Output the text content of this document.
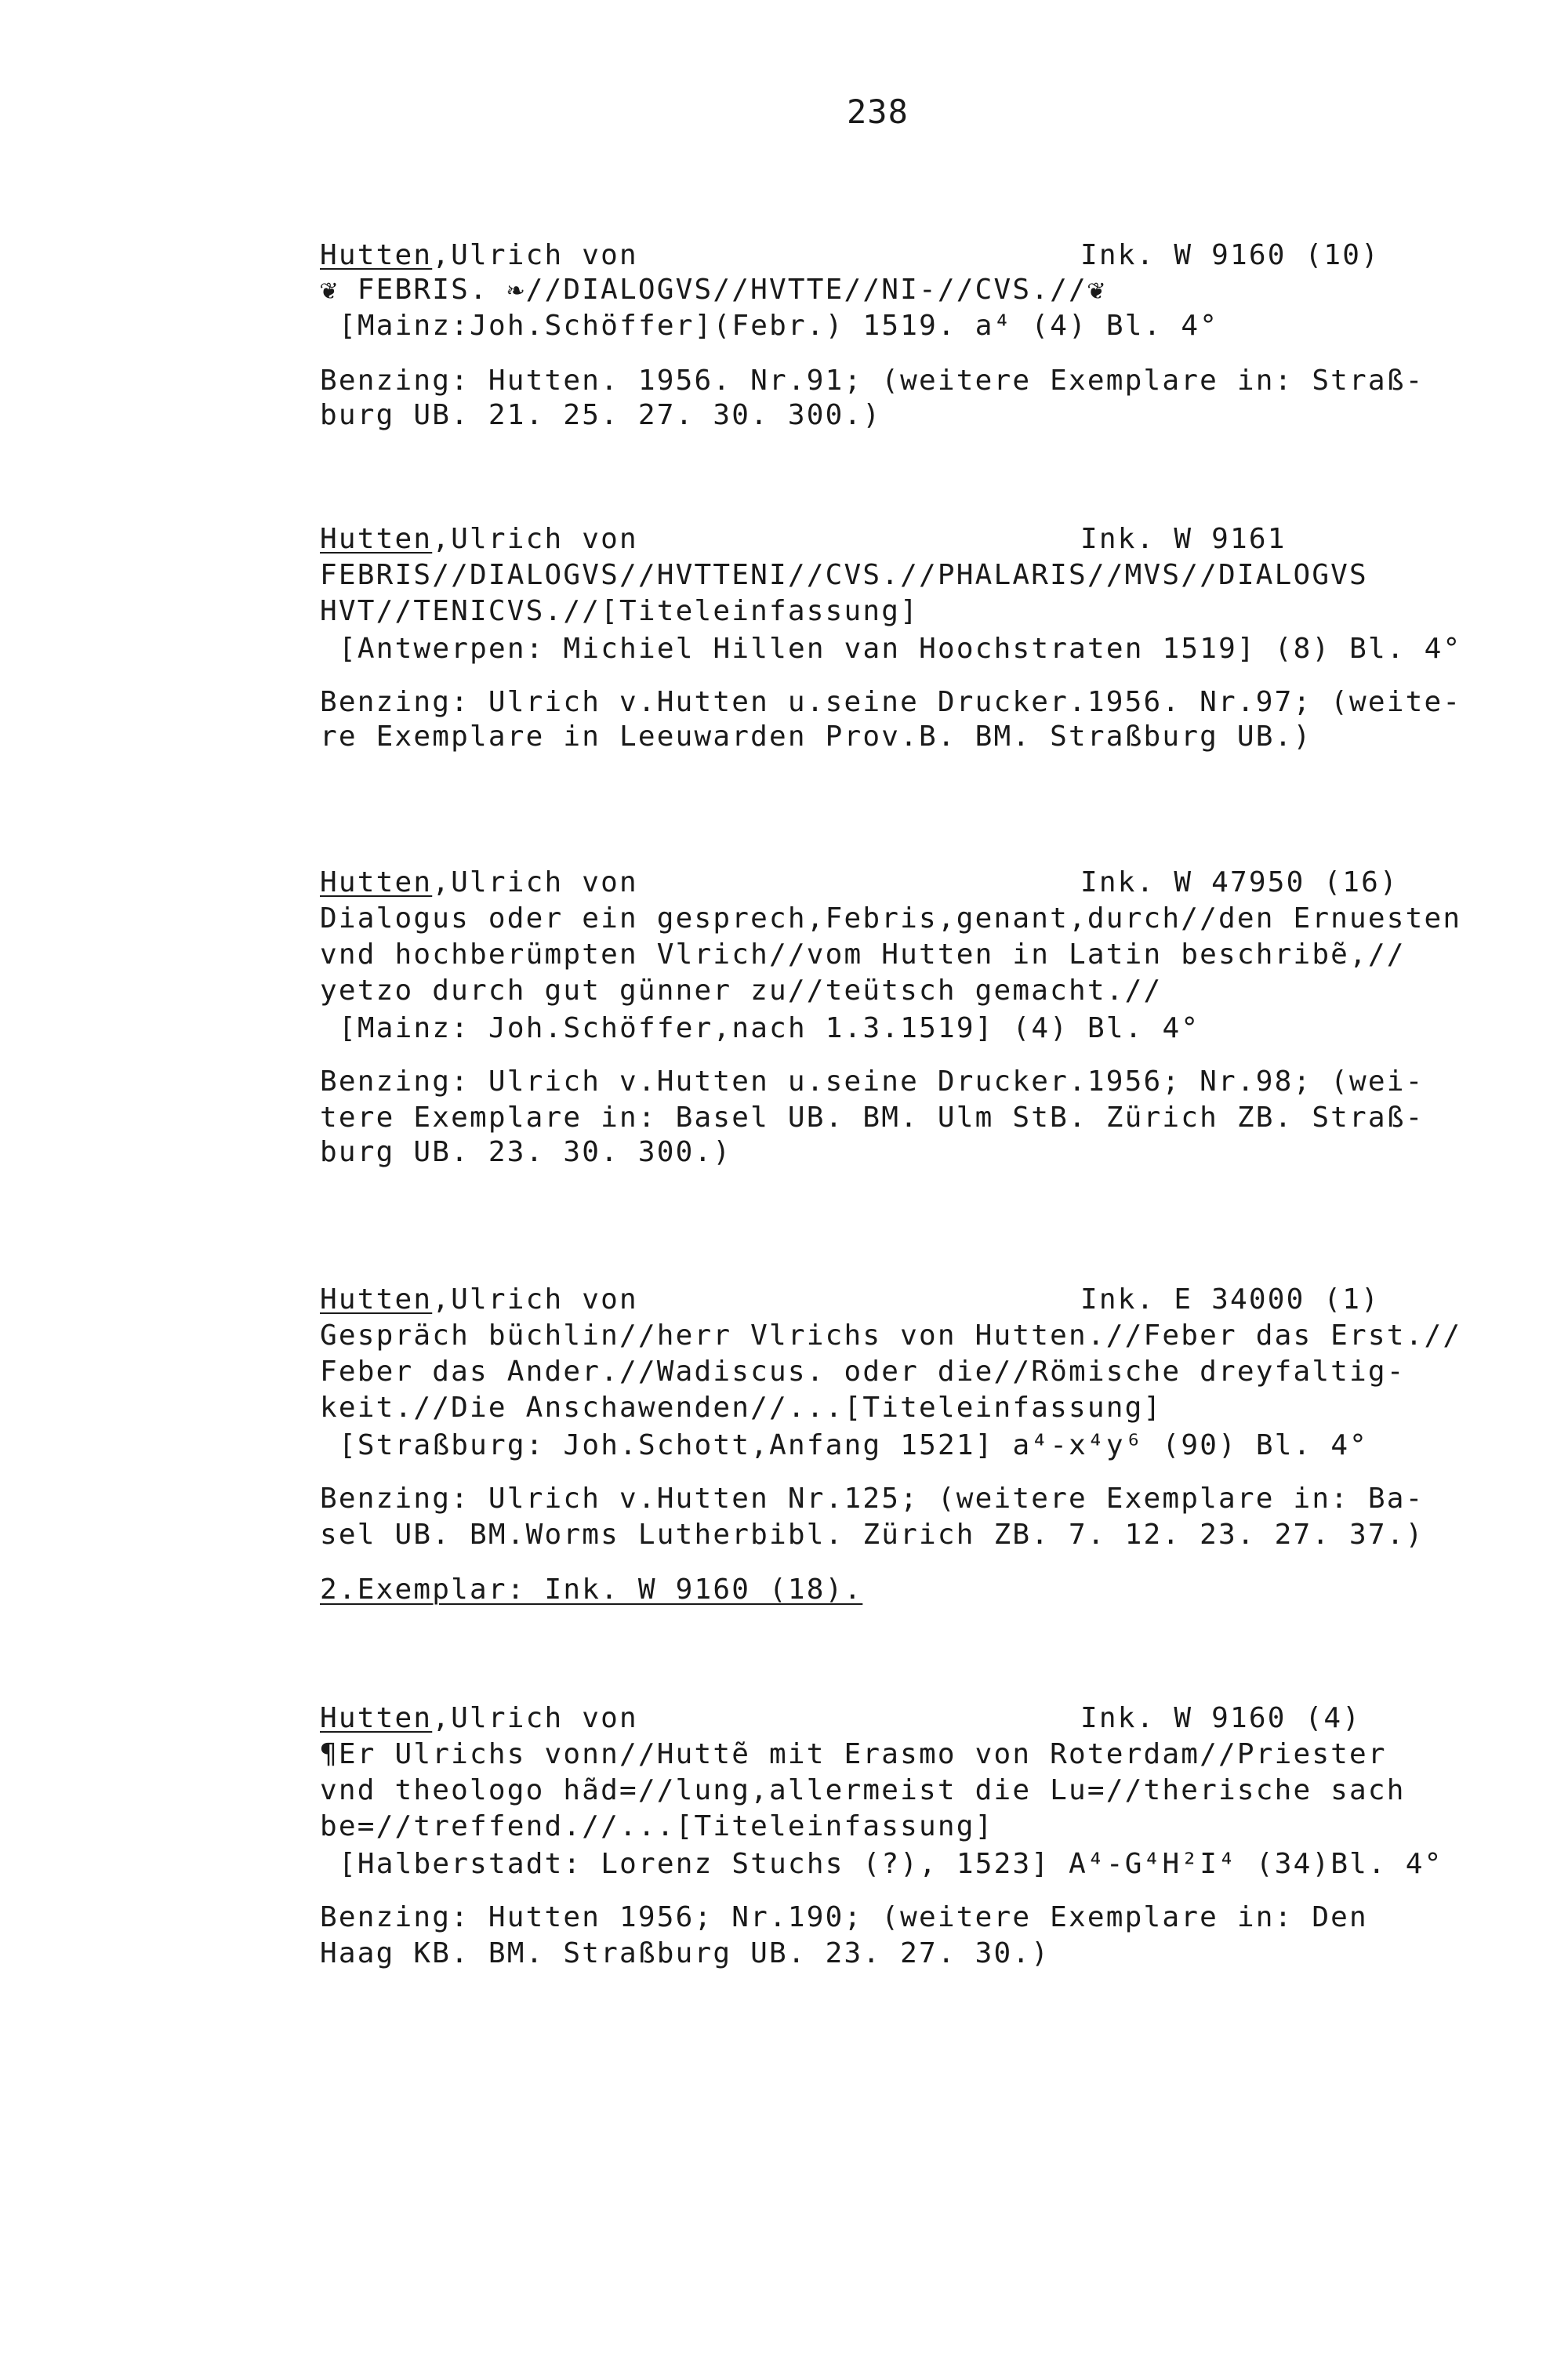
238
Hutten,Ulrich von	Ink. W 9160 (10)
❦ FEBRIS. ❧//DIALOGVS//HVTTE//NI-//CVS.//❦
[Mainz:Joh.Schöffer](Febr.) 1519. a⁴ (4) Bl. 4°
Benzing: Hutten. 1956. Nr.91; (weitere Exemplare in: Straß-
burg UB. 21. 25. 27. 30. 300.)
Hutten,Ulrich von	Ink. W 9161
FEBRIS//DIALOGVS//HVTTENI//CVS.//PHALARIS//MVS//DIALOGVS
HVT//TENICVS.//[Titeleinfassung]
[Antwerpen: Michiel Hillen van Hoochstraten 1519] (8) Bl. 4°
Benzing: Ulrich v.Hutten u.seine Drucker.1956. Nr.97; (weite-
re Exemplare in Leeuwarden Prov.B. BM. Straßburg UB.)
Hutten,Ulrich von	Ink. W 47950 (16)
Dialogus oder ein gesprech,Febris,genant,durch//den Ernuesten
vnd hochberümpten Vlrich//vom Hutten in Latin beschribẽ,//
yetzo durch gut günner zu//teütsch gemacht.//
[Mainz: Joh.Schöffer,nach 1.3.1519] (4) Bl. 4°
Benzing: Ulrich v.Hutten u.seine Drucker.1956; Nr.98; (wei-
tere Exemplare in: Basel UB. BM. Ulm StB. Zürich ZB. Straß-
burg UB. 23. 30. 300.)
Hutten,Ulrich von	Ink. E 34000 (1)
Gespräch büchlin//herr Vlrichs von Hutten.//Feber das Erst.//
Feber das Ander.//Wadiscus. oder die//Römische dreyfaltig-
keit.//Die Anschawenden//...[Titeleinfassung]
[Straßburg: Joh.Schott,Anfang 1521] a⁴-x⁴y⁶ (90) Bl. 4°
Benzing: Ulrich v.Hutten Nr.125; (weitere Exemplare in: Ba-
sel UB. BM.Worms Lutherbibl. Zürich ZB. 7. 12. 23. 27. 37.)
2.Exemplar: Ink. W 9160 (18).
Hutten,Ulrich von	Ink. W 9160 (4)
¶Er Ulrichs vonn//Huttẽ mit Erasmo von Roterdam//Priester
vnd theologo hãd=//lung,allermeist die Lu=//therische sach
be=//treffend.//...[Titeleinfassung]
[Halberstadt: Lorenz Stuchs (?), 1523] A⁴-G⁴H²I⁴ (34)Bl. 4°
Benzing: Hutten 1956; Nr.190; (weitere Exemplare in: Den
Haag KB. BM. Straßburg UB. 23. 27. 30.)
